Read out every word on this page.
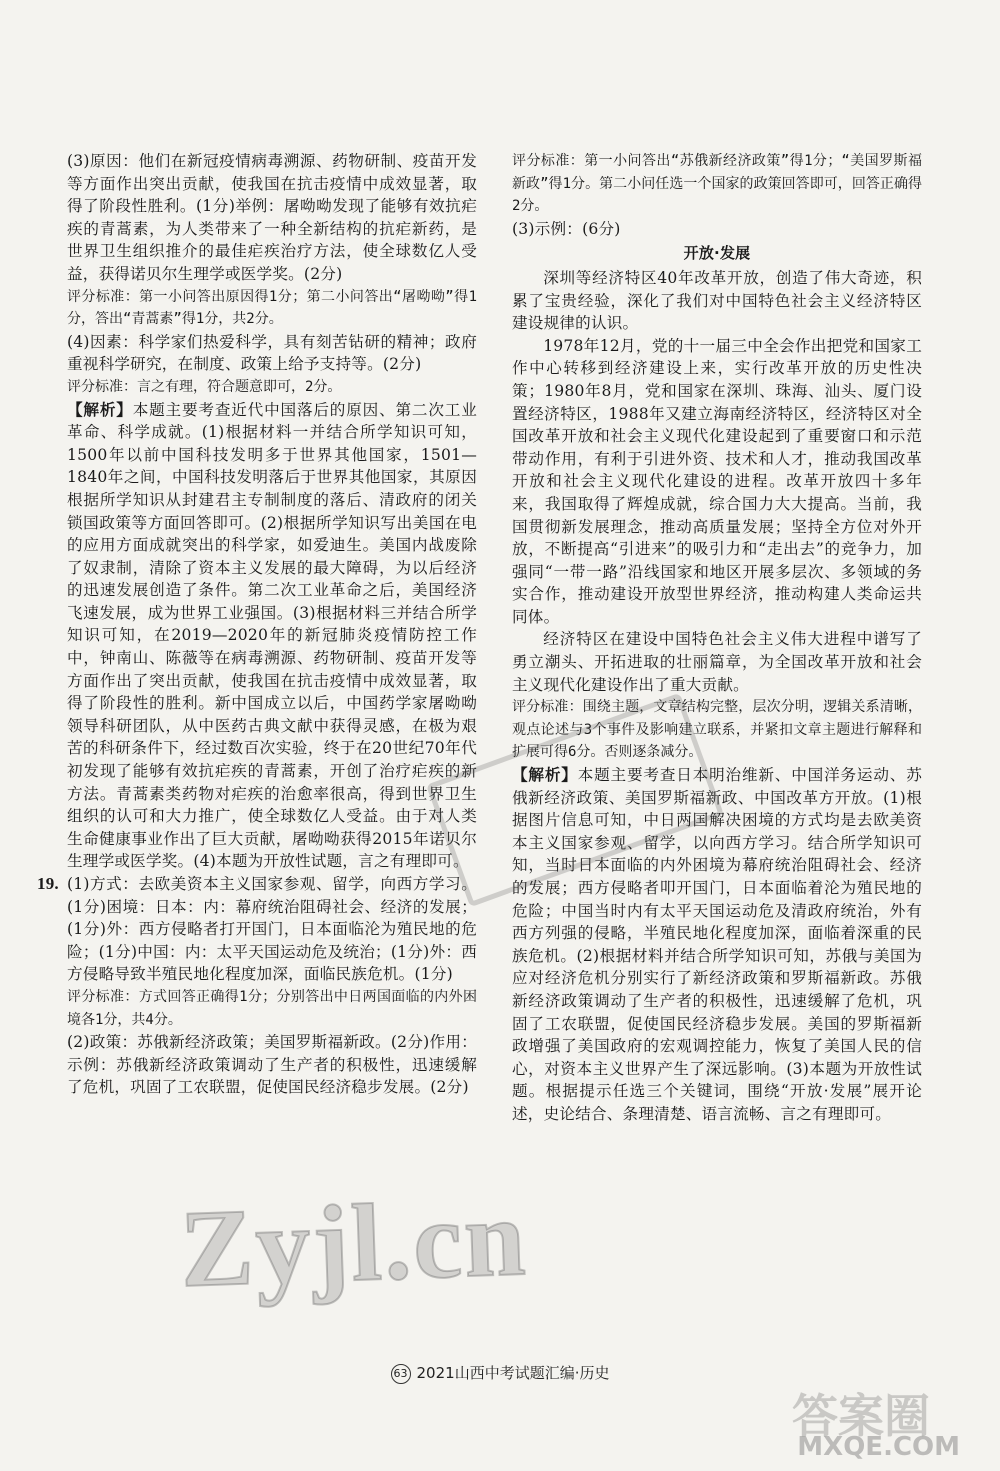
(3)原因：他们在新冠疫情病毒溯源、药物研制、疫苗开发等方面作出突出贡献，使我国在抗击疫情中成效显著，取得了阶段性胜利。(1分)举例：屠呦呦发现了能够有效抗疟疾的青蒿素，为人类带来了一种全新结构的抗疟新药，是世界卫生组织推介的最佳疟疾治疗方法，使全球数亿人受益，获得诺贝尔生理学或医学奖。(2分)

评分标准：第一小问答出原因得1分；第二小问答出“屠呦呦”得1分，答出“青蒿素”得1分，共2分。

(4)因素：科学家们热爱科学，具有刻苦钻研的精神；政府重视科学研究，在制度、政策上给予支持等。(2分)

评分标准：言之有理，符合题意即可，2分。

【解析】本题主要考查近代中国落后的原因、第二次工业革命、科学成就。(1)根据材料一并结合所学知识可知，1500年以前中国科技发明多于世界其他国家，1501—1840年之间，中国科技发明落后于世界其他国家，其原因根据所学知识从封建君主专制制度的落后、清政府的闭关锁国政策等方面回答即可。(2)根据所学知识写出美国在电的应用方面成就突出的科学家，如爱迪生。美国内战废除了奴隶制，清除了资本主义发展的最大障碍，为以后经济的迅速发展创造了条件。第二次工业革命之后，美国经济飞速发展，成为世界工业强国。(3)根据材料三并结合所学知识可知，在2019—2020年的新冠肺炎疫情防控工作中，钟南山、陈薇等在病毒溯源、药物研制、疫苗开发等方面作出了突出贡献，使我国在抗击疫情中成效显著，取得了阶段性的胜利。新中国成立以后，中国药学家屠呦呦领导科研团队，从中医药古典文献中获得灵感，在极为艰苦的科研条件下，经过数百次实验，终于在20世纪70年代初发现了能够有效抗疟疾的青蒿素，开创了治疗疟疾的新方法。青蒿素类药物对疟疾的治愈率很高，得到世界卫生组织的认可和大力推广，使全球数亿人受益。由于对人类生命健康事业作出了巨大贡献，屠呦呦获得2015年诺贝尔生理学或医学奖。(4)本题为开放性试题，言之有理即可。

19. (1)方式：去欧美资本主义国家参观、留学，向西方学习。(1分)困境：日本：内：幕府统治阻碍社会、经济的发展；(1分)外：西方侵略者打开国门，日本面临沦为殖民地的危险；(1分)中国：内：太平天国运动危及统治；(1分)外：西方侵略导致半殖民地化程度加深，面临民族危机。(1分)

评分标准：方式回答正确得1分；分别答出中日两国面临的内外困境各1分，共4分。

(2)政策：苏俄新经济政策；美国罗斯福新政。(2分)作用：示例：苏俄新经济政策调动了生产者的积极性，迅速缓解了危机，巩固了工农联盟，促使国民经济稳步发展。(2分)

评分标准：第一小问答出“苏俄新经济政策”得1分；“美国罗斯福新政”得1分。第二小问任选一个国家的政策回答即可，回答正确得2分。

(3)示例：(6分)

开放·发展

深圳等经济特区40年改革开放，创造了伟大奇迹，积累了宝贵经验，深化了我们对中国特色社会主义经济特区建设规律的认识。

1978年12月，党的十一届三中全会作出把党和国家工作中心转移到经济建设上来，实行改革开放的历史性决策；1980年8月，党和国家在深圳、珠海、汕头、厦门设置经济特区，1988年又建立海南经济特区，经济特区对全国改革开放和社会主义现代化建设起到了重要窗口和示范带动作用，有利于引进外资、技术和人才，推动我国改革开放和社会主义现代化建设的进程。改革开放四十多年来，我国取得了辉煌成就，综合国力大大提高。当前，我国贯彻新发展理念，推动高质量发展；坚持全方位对外开放，不断提高“引进来”的吸引力和“走出去”的竞争力，加强同“一带一路”沿线国家和地区开展多层次、多领域的务实合作，推动建设开放型世界经济，推动构建人类命运共同体。

经济特区在建设中国特色社会主义伟大进程中谱写了勇立潮头、开拓进取的壮丽篇章，为全国改革开放和社会主义现代化建设作出了重大贡献。

评分标准：围绕主题，文章结构完整，层次分明，逻辑关系清晰，观点论述与3个事件及影响建立联系，并紧扣文章主题进行解释和扩展可得6分。否则逐条减分。

【解析】本题主要考查日本明治维新、中国洋务运动、苏俄新经济政策、美国罗斯福新政、中国改革方开放。(1)根据图片信息可知，中日两国解决困境的方式均是去欧美资本主义国家参观、留学，以向西方学习。结合所学知识可知，当时日本面临的内外困境为幕府统治阻碍社会、经济的发展；西方侵略者叩开国门，日本面临着沦为殖民地的危险；中国当时内有太平天国运动危及清政府统治，外有西方列强的侵略，半殖民地化程度加深，面临着深重的民族危机。(2)根据材料并结合所学知识可知，苏俄与美国为应对经济危机分别实行了新经济政策和罗斯福新政。苏俄新经济政策调动了生产者的积极性，迅速缓解了危机，巩固了工农联盟，促使国民经济稳步发展。美国的罗斯福新政增强了美国政府的宏观调控能力，恢复了美国人民的信心，对资本主义世界产生了深远影响。(3)本题为开放性试题。根据提示任选三个关键词，围绕“开放·发展”展开论述，史论结合、条理清楚、语言流畅、言之有理即可。

Zyjl.cn
63 2021山西中考试题汇编·历史
答案圈
MXQE.COM
